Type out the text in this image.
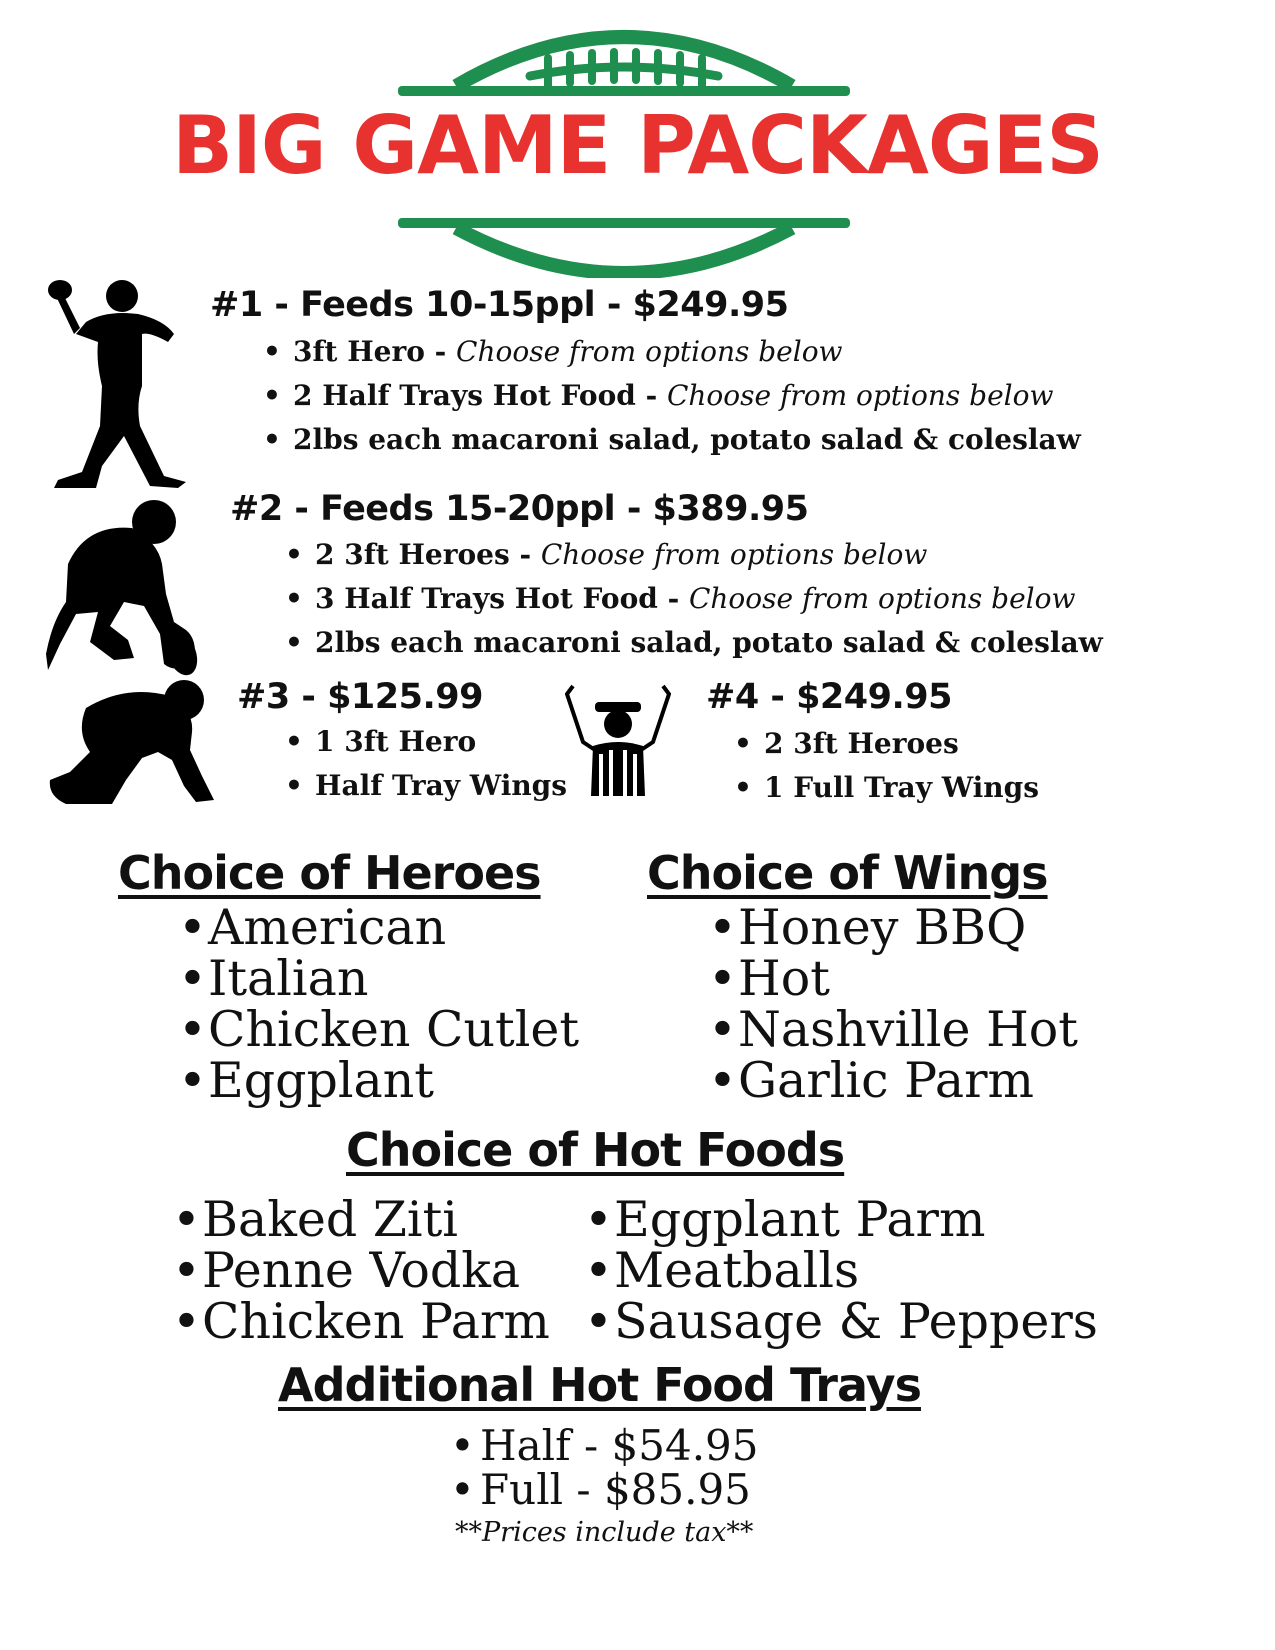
BIG GAME PACKAGES
#1 - Feeds 10-15ppl - $249.95
• 3ft Hero - Choose from options below
• 2 Half Trays Hot Food - Choose from options below
• 2lbs each macaroni salad, potato salad & coleslaw
#2 - Feeds 15-20ppl - $389.95
• 2 3ft Heroes - Choose from options below
• 3 Half Trays Hot Food - Choose from options below
• 2lbs each macaroni salad, potato salad & coleslaw
#3 - $125.99
• 1 3ft Hero
• Half Tray Wings
#4 - $249.95
• 2 3ft Heroes
• 1 Full Tray Wings
Choice of Heroes
• American
• Italian
• Chicken Cutlet
• Eggplant
Choice of Wings
• Honey BBQ
• Hot
• Nashville Hot
• Garlic Parm
Choice of Hot Foods
• Baked Ziti
• Penne Vodka
• Chicken Parm
• Eggplant Parm
• Meatballs
• Sausage & Peppers
Additional Hot Food Trays
• Half - $54.95
• Full - $85.95
**Prices include tax**
